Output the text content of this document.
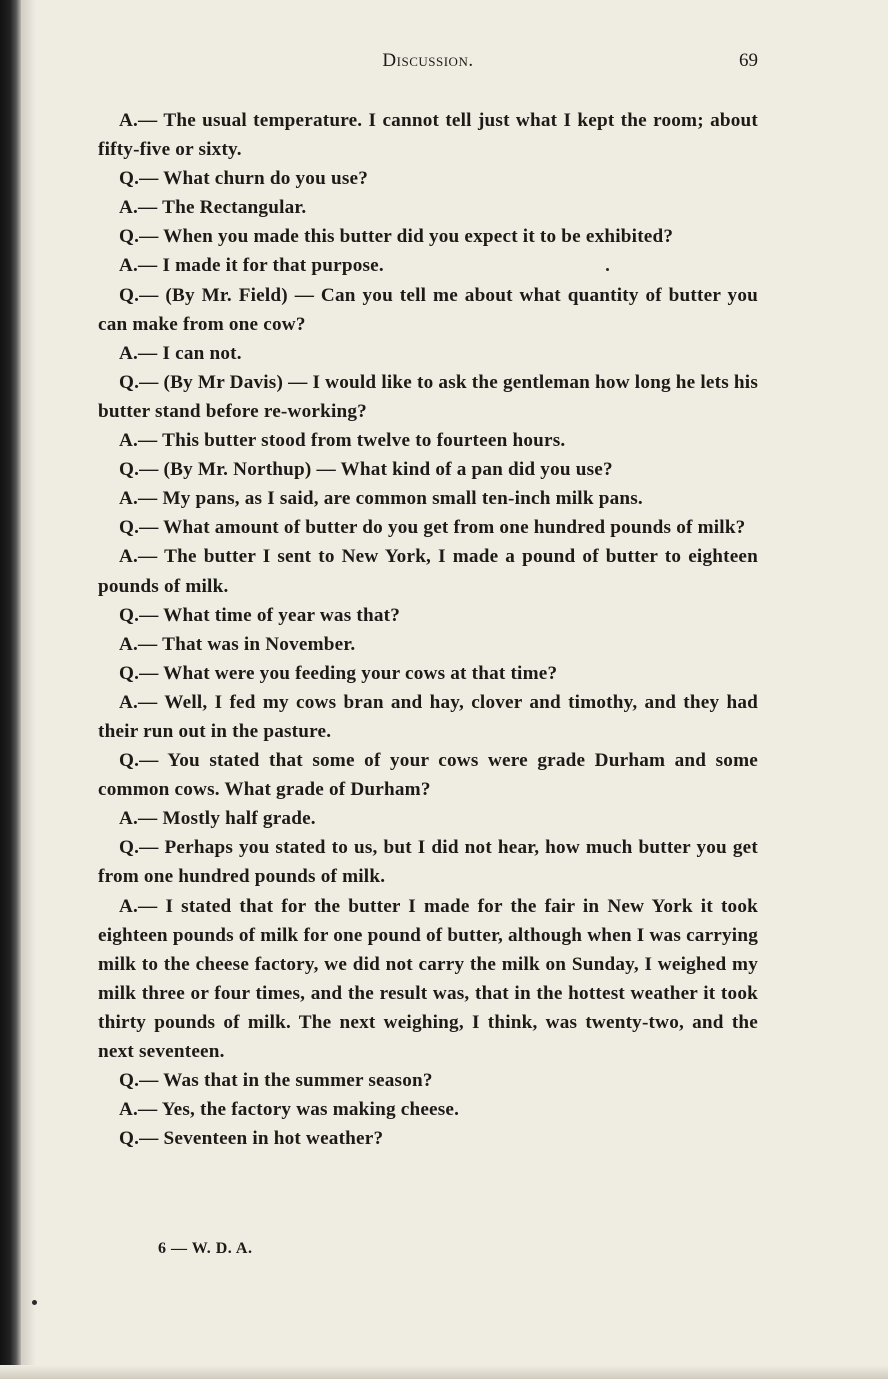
Discussion.	69

A.— The usual temperature. I cannot tell just what I kept the room; about fifty-five or sixty.

Q.— What churn do you use?

A.— The Rectangular.

Q.— When you made this butter did you expect it to be exhibited?

A.— I made it for that purpose.

Q.— (By Mr. Field) — Can you tell me about what quantity of butter you can make from one cow?

A.— I can not.

Q.— (By Mr Davis) — I would like to ask the gentleman how long he lets his butter stand before re-working?

A.— This butter stood from twelve to fourteen hours.

Q.— (By Mr. Northup) — What kind of a pan did you use?

A.— My pans, as I said, are common small ten-inch milk pans.

Q.— What amount of butter do you get from one hundred pounds of milk?

A.— The butter I sent to New York, I made a pound of butter to eighteen pounds of milk.

Q.— What time of year was that?

A.— That was in November.

Q.— What were you feeding your cows at that time?

A.— Well, I fed my cows bran and hay, clover and timothy, and they had their run out in the pasture.

Q.— You stated that some of your cows were grade Durham and some common cows. What grade of Durham?

A.— Mostly half grade.

Q.— Perhaps you stated to us, but I did not hear, how much butter you get from one hundred pounds of milk.

A.— I stated that for the butter I made for the fair in New York it took eighteen pounds of milk for one pound of butter, although when I was carrying milk to the cheese factory, we did not carry the milk on Sunday, I weighed my milk three or four times, and the result was, that in the hottest weather it took thirty pounds of milk. The next weighing, I think, was twenty-two, and the next seventeen.

Q.— Was that in the summer season?

A.— Yes, the factory was making cheese.

Q.— Seventeen in hot weather?

6 — W. D. A.
